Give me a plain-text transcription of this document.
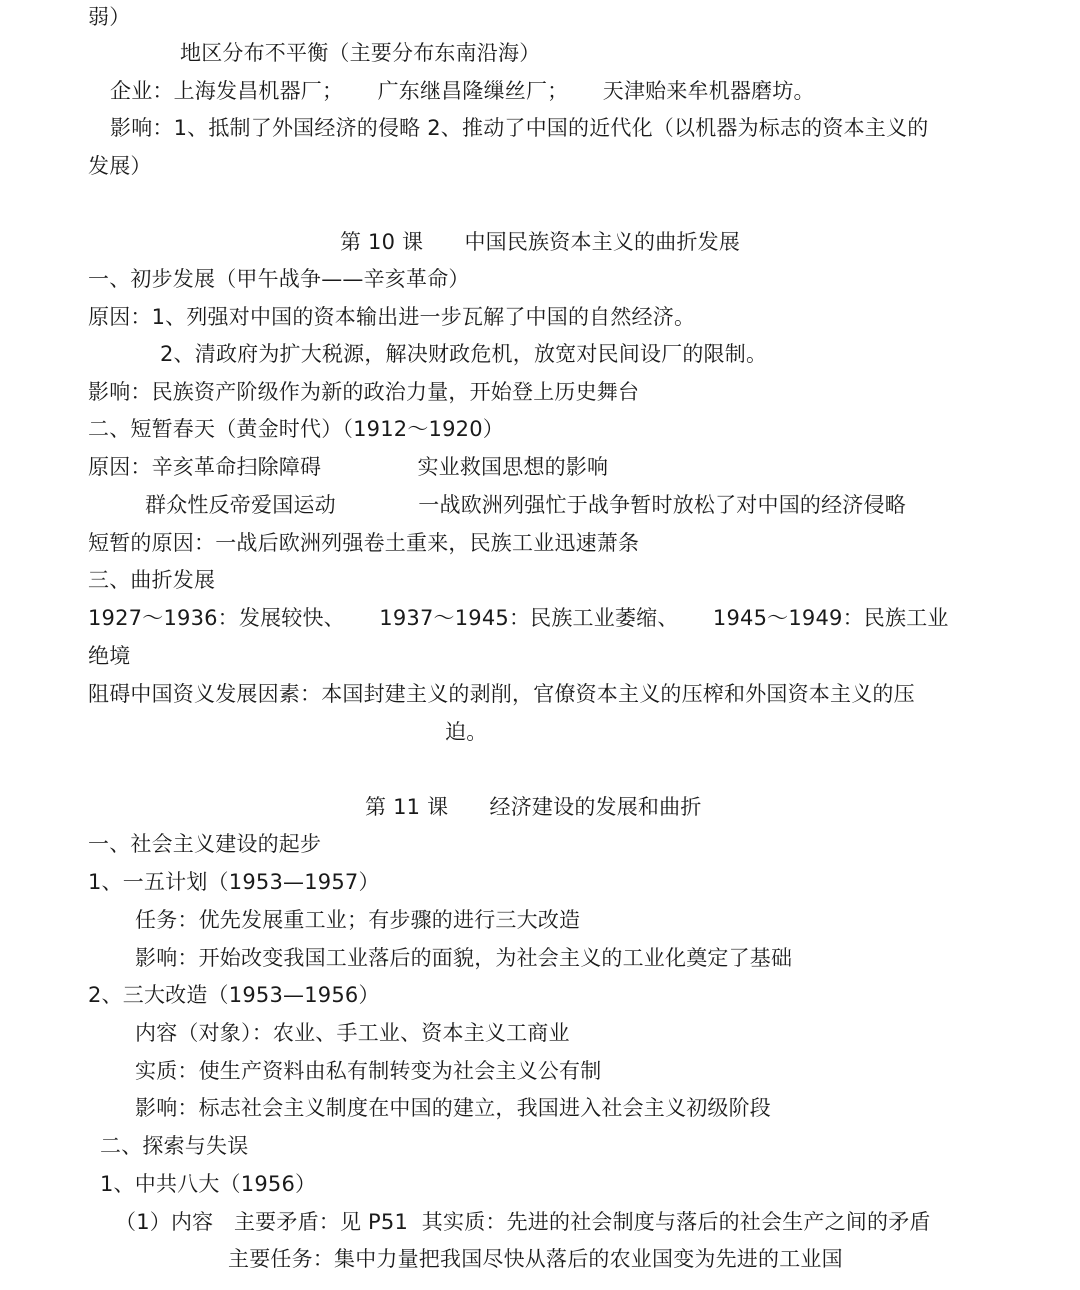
弱）
地区分布不平衡（主要分布东南沿海）
企业：上海发昌机器厂；     广东继昌隆缫丝厂；     天津贻来牟机器磨坊。
影响：1、抵制了外国经济的侵略 2、推动了中国的近代化（以机器为标志的资本主义的
发展）
第 10 课      中国民族资本主义的曲折发展
一、初步发展（甲午战争——辛亥革命）
原因：1、列强对中国的资本输出进一步瓦解了中国的自然经济。
2、清政府为扩大税源，解决财政危机，放宽对民间设厂的限制。
影响：民族资产阶级作为新的政治力量，开始登上历史舞台
二、短暂春天（黄金时代）（1912～1920）
原因：辛亥革命扫除障碍              实业救国思想的影响
群众性反帝爱国运动            一战欧洲列强忙于战争暂时放松了对中国的经济侵略
短暂的原因：一战后欧洲列强卷土重来，民族工业迅速萧条
三、曲折发展
1927～1936：发展较快、     1937～1945：民族工业萎缩、     1945～1949：民族工业
绝境
阻碍中国资义发展因素：本国封建主义的剥削，官僚资本主义的压榨和外国资本主义的压
迫。
第 11 课      经济建设的发展和曲折
一、社会主义建设的起步
1、一五计划（1953—1957）
任务：优先发展重工业；有步骤的进行三大改造
影响：开始改变我国工业落后的面貌，为社会主义的工业化奠定了基础
2、三大改造（1953—1956）
内容（对象）：农业、手工业、资本主义工商业
实质：使生产资料由私有制转变为社会主义公有制
影响：标志社会主义制度在中国的建立，我国进入社会主义初级阶段
二、探索与失误
1、中共八大（1956）
（1）内容   主要矛盾：见 P51  其实质：先进的社会制度与落后的社会生产之间的矛盾
主要任务：集中力量把我国尽快从落后的农业国变为先进的工业国
